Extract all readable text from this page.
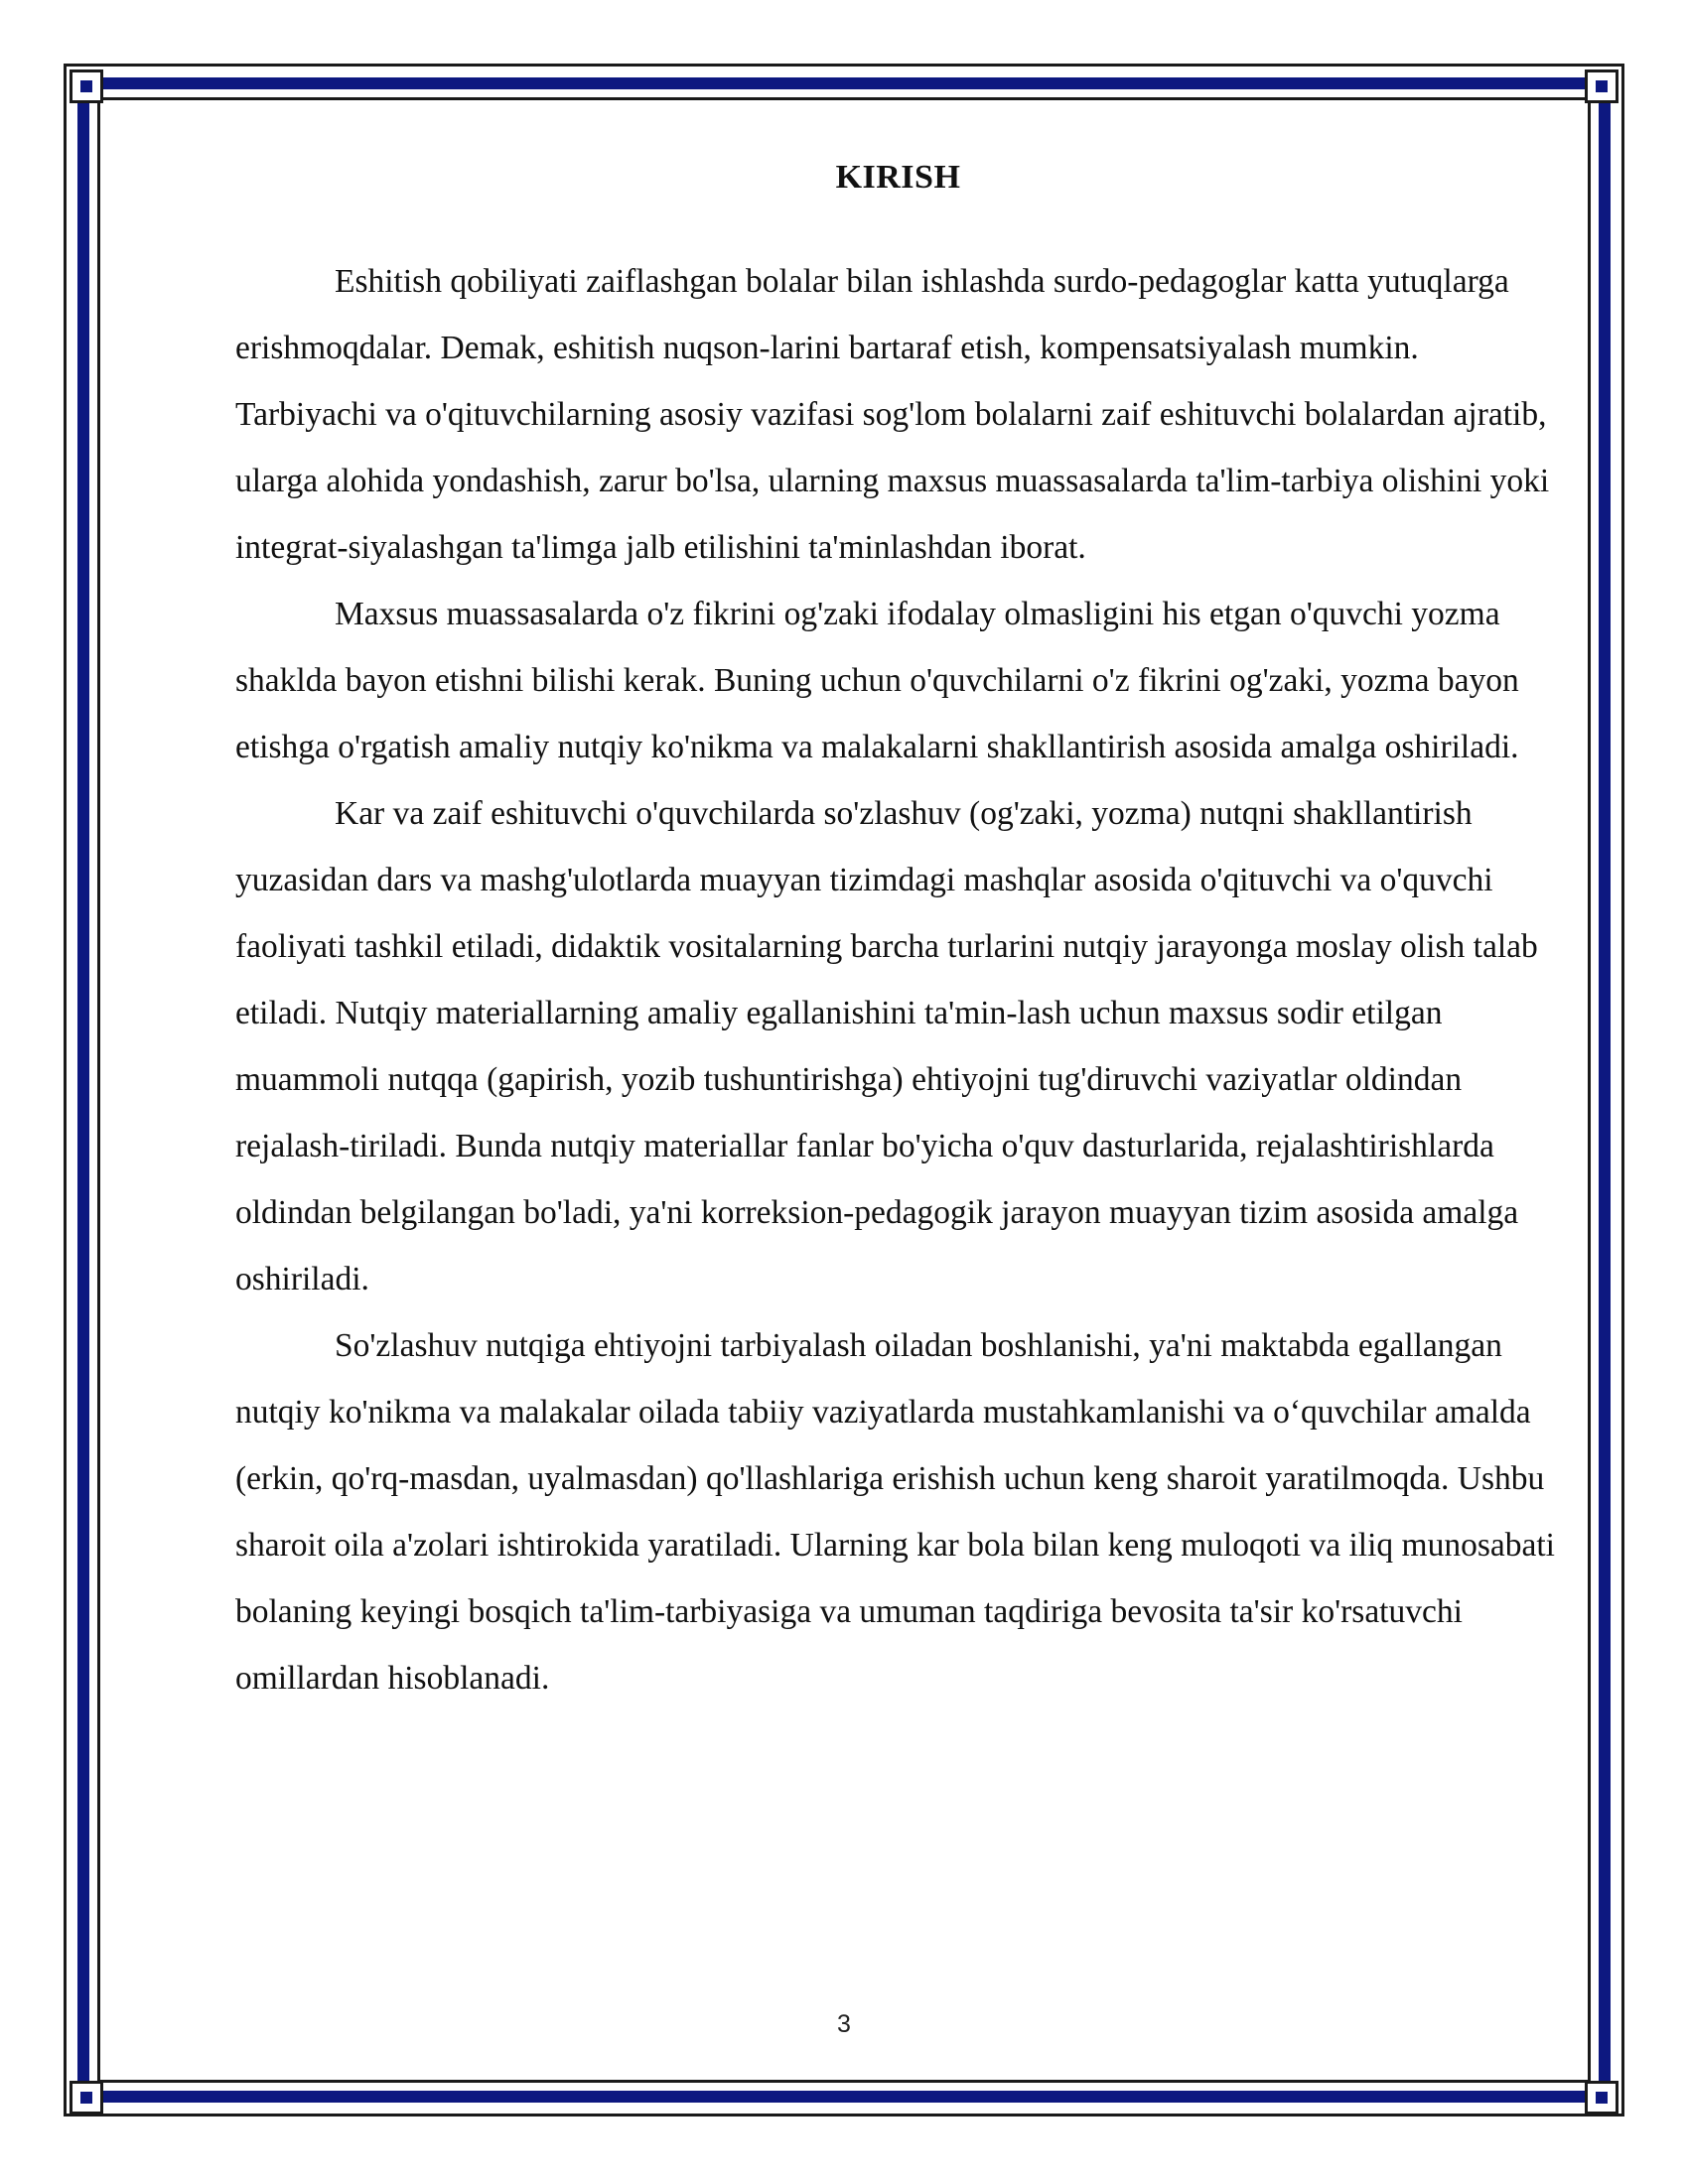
KIRISH

Eshitish qobiliyati zaiflashgan bolalar bilan ishlashda surdo-pedagoglar katta yutuqlarga erishmoqdalar. Demak, eshitish nuqson-larini bartaraf etish, kompensatsiyalash mumkin. Tarbiyachi va o'qituvchilarning asosiy vazifasi sog'lom bolalarni zaif eshituvchi bolalardan ajratib, ularga alohida yondashish, zarur bo'lsa, ularning maxsus muassasalarda ta'lim-tarbiya olishini yoki integrat-siyalashgan ta'limga jalb etilishini ta'minlashdan iborat.

Maxsus muassasalarda o'z fikrini og'zaki ifodalay olmasligini his etgan o'quvchi yozma shaklda bayon etishni bilishi kerak. Buning uchun o'quvchilarni o'z fikrini og'zaki, yozma bayon etishga o'rgatish amaliy nutqiy ko'nikma va malakalarni shakllantirish asosida amalga oshiriladi.

Kar va zaif eshituvchi o'quvchilarda so'zlashuv (og'zaki, yozma) nutqni shakllantirish yuzasidan dars va mashg'ulotlarda muayyan tizimdagi mashqlar asosida o'qituvchi va o'quvchi faoliyati tashkil etiladi, didaktik vositalarning barcha turlarini nutqiy jarayonga moslay olish talab etiladi. Nutqiy materiallarning amaliy egallanishini ta'min-lash uchun maxsus sodir etilgan muammoli nutqqa (gapirish, yozib tushuntirishga) ehtiyojni tug'diruvchi vaziyatlar oldindan rejalash-tiriladi. Bunda nutqiy materiallar fanlar bo'yicha o'quv dasturlarida, rejalashtirishlarda oldindan belgilangan bo'ladi, ya'ni korreksion-pedagogik jarayon muayyan tizim asosida amalga oshiriladi.

So'zlashuv nutqiga ehtiyojni tarbiyalash oiladan boshlanishi, ya'ni maktabda egallangan nutqiy ko'nikma va malakalar oilada tabiiy vaziyatlarda mustahkamlanishi va o‘quvchilar amalda (erkin, qo'rq-masdan, uyalmasdan) qo'llashlariga erishish uchun keng sharoit yaratilmoqda. Ushbu sharoit oila a'zolari ishtirokida yaratiladi. Ularning kar bola bilan keng muloqoti va iliq munosabati bolaning keyingi bosqich ta'lim-tarbiyasiga va umuman taqdiriga bevosita ta'sir ko'rsatuvchi omillardan hisoblanadi.

3
